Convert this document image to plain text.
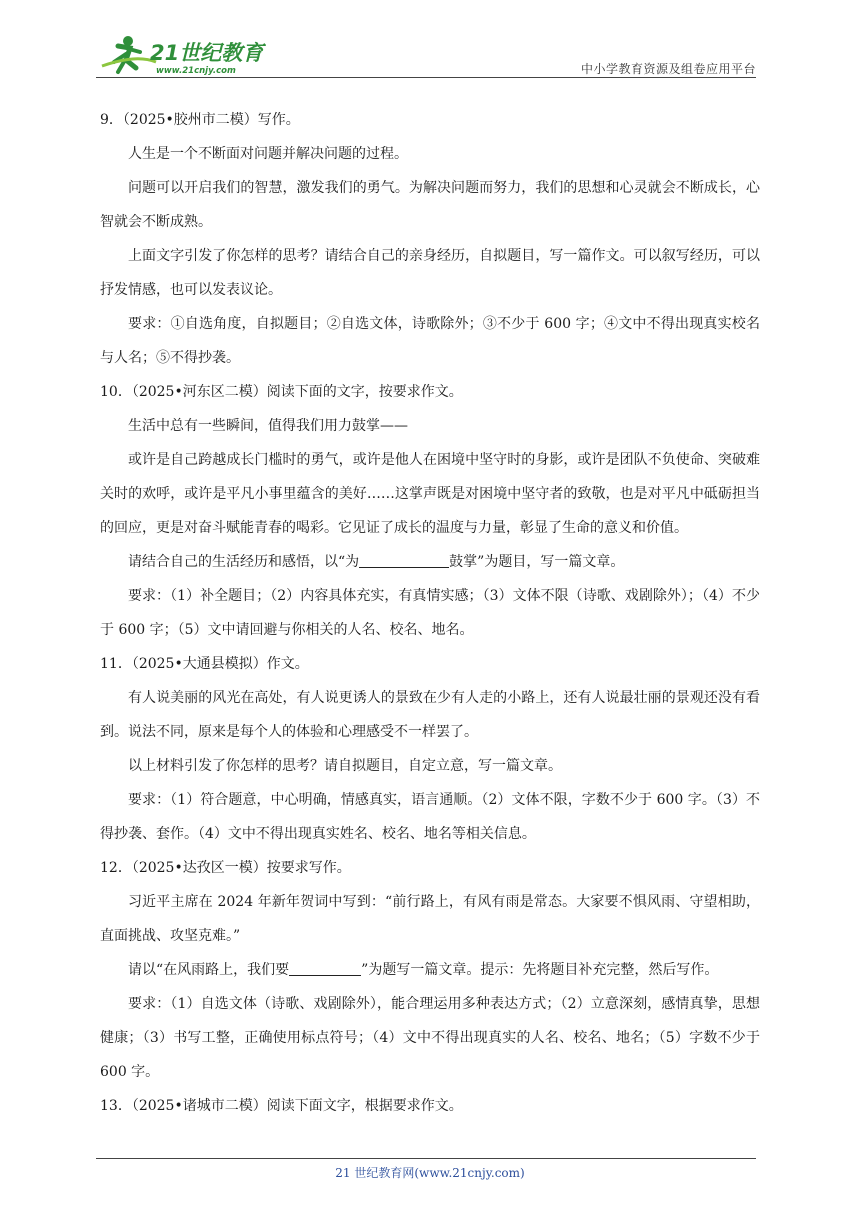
21世纪教育
www.21cnjy.com	中小学教育资源及组卷应用平台
9．（2025•胶州市二模）写作。
人生是一个不断面对问题并解决问题的过程。
问题可以开启我们的智慧，激发我们的勇气。为解决问题而努力，我们的思想和心灵就会不断成长，心智就会不断成熟。
上面文字引发了你怎样的思考？请结合自己的亲身经历，自拟题目，写一篇作文。可以叙写经历，可以抒发情感，也可以发表议论。
要求：①自选角度，自拟题目；②自选文体，诗歌除外；③不少于 600 字；④文中不得出现真实校名与人名；⑤不得抄袭。
10．（2025•河东区二模）阅读下面的文字，按要求作文。
生活中总有一些瞬间，值得我们用力鼓掌——
或许是自己跨越成长门槛时的勇气，或许是他人在困境中坚守时的身影，或许是团队不负使命、突破难关时的欢呼，或许是平凡小事里蕴含的美好……这掌声既是对困境中坚守者的致敬，也是对平凡中砥砺担当的回应，更是对奋斗赋能青春的喝彩。它见证了成长的温度与力量，彰显了生命的意义和价值。
请结合自己的生活经历和感悟，以“为	鼓掌”为题目，写一篇文章。
要求：（1）补全题目；（2）内容具体充实，有真情实感；（3）文体不限（诗歌、戏剧除外）；（4）不少于 600 字；（5）文中请回避与你相关的人名、校名、地名。
11．（2025•大通县模拟）作文。
有人说美丽的风光在高处，有人说更诱人的景致在少有人走的小路上，还有人说最壮丽的景观还没有看到。说法不同，原来是每个人的体验和心理感受不一样罢了。
以上材料引发了你怎样的思考？请自拟题目，自定立意，写一篇文章。
要求：（1）符合题意，中心明确，情感真实，语言通顺。（2）文体不限，字数不少于 600 字。（3）不得抄袭、套作。（4）文中不得出现真实姓名、校名、地名等相关信息。
12．（2025•达孜区一模）按要求写作。
习近平主席在 2024 年新年贺词中写到：“前行路上，有风有雨是常态。大家要不惧风雨、守望相助，直面挑战、攻坚克难。”
请以“在风雨路上，我们要	”为题写一篇文章。提示：先将题目补充完整，然后写作。
要求：（1）自选文体（诗歌、戏剧除外），能合理运用多种表达方式；（2）立意深刻，感情真挚，思想健康；（3）书写工整，正确使用标点符号；（4）文中不得出现真实的人名、校名、地名；（5）字数不少于 600 字。
13．（2025•诸城市二模）阅读下面文字，根据要求作文。
21 世纪教育网(www.21cnjy.com)
